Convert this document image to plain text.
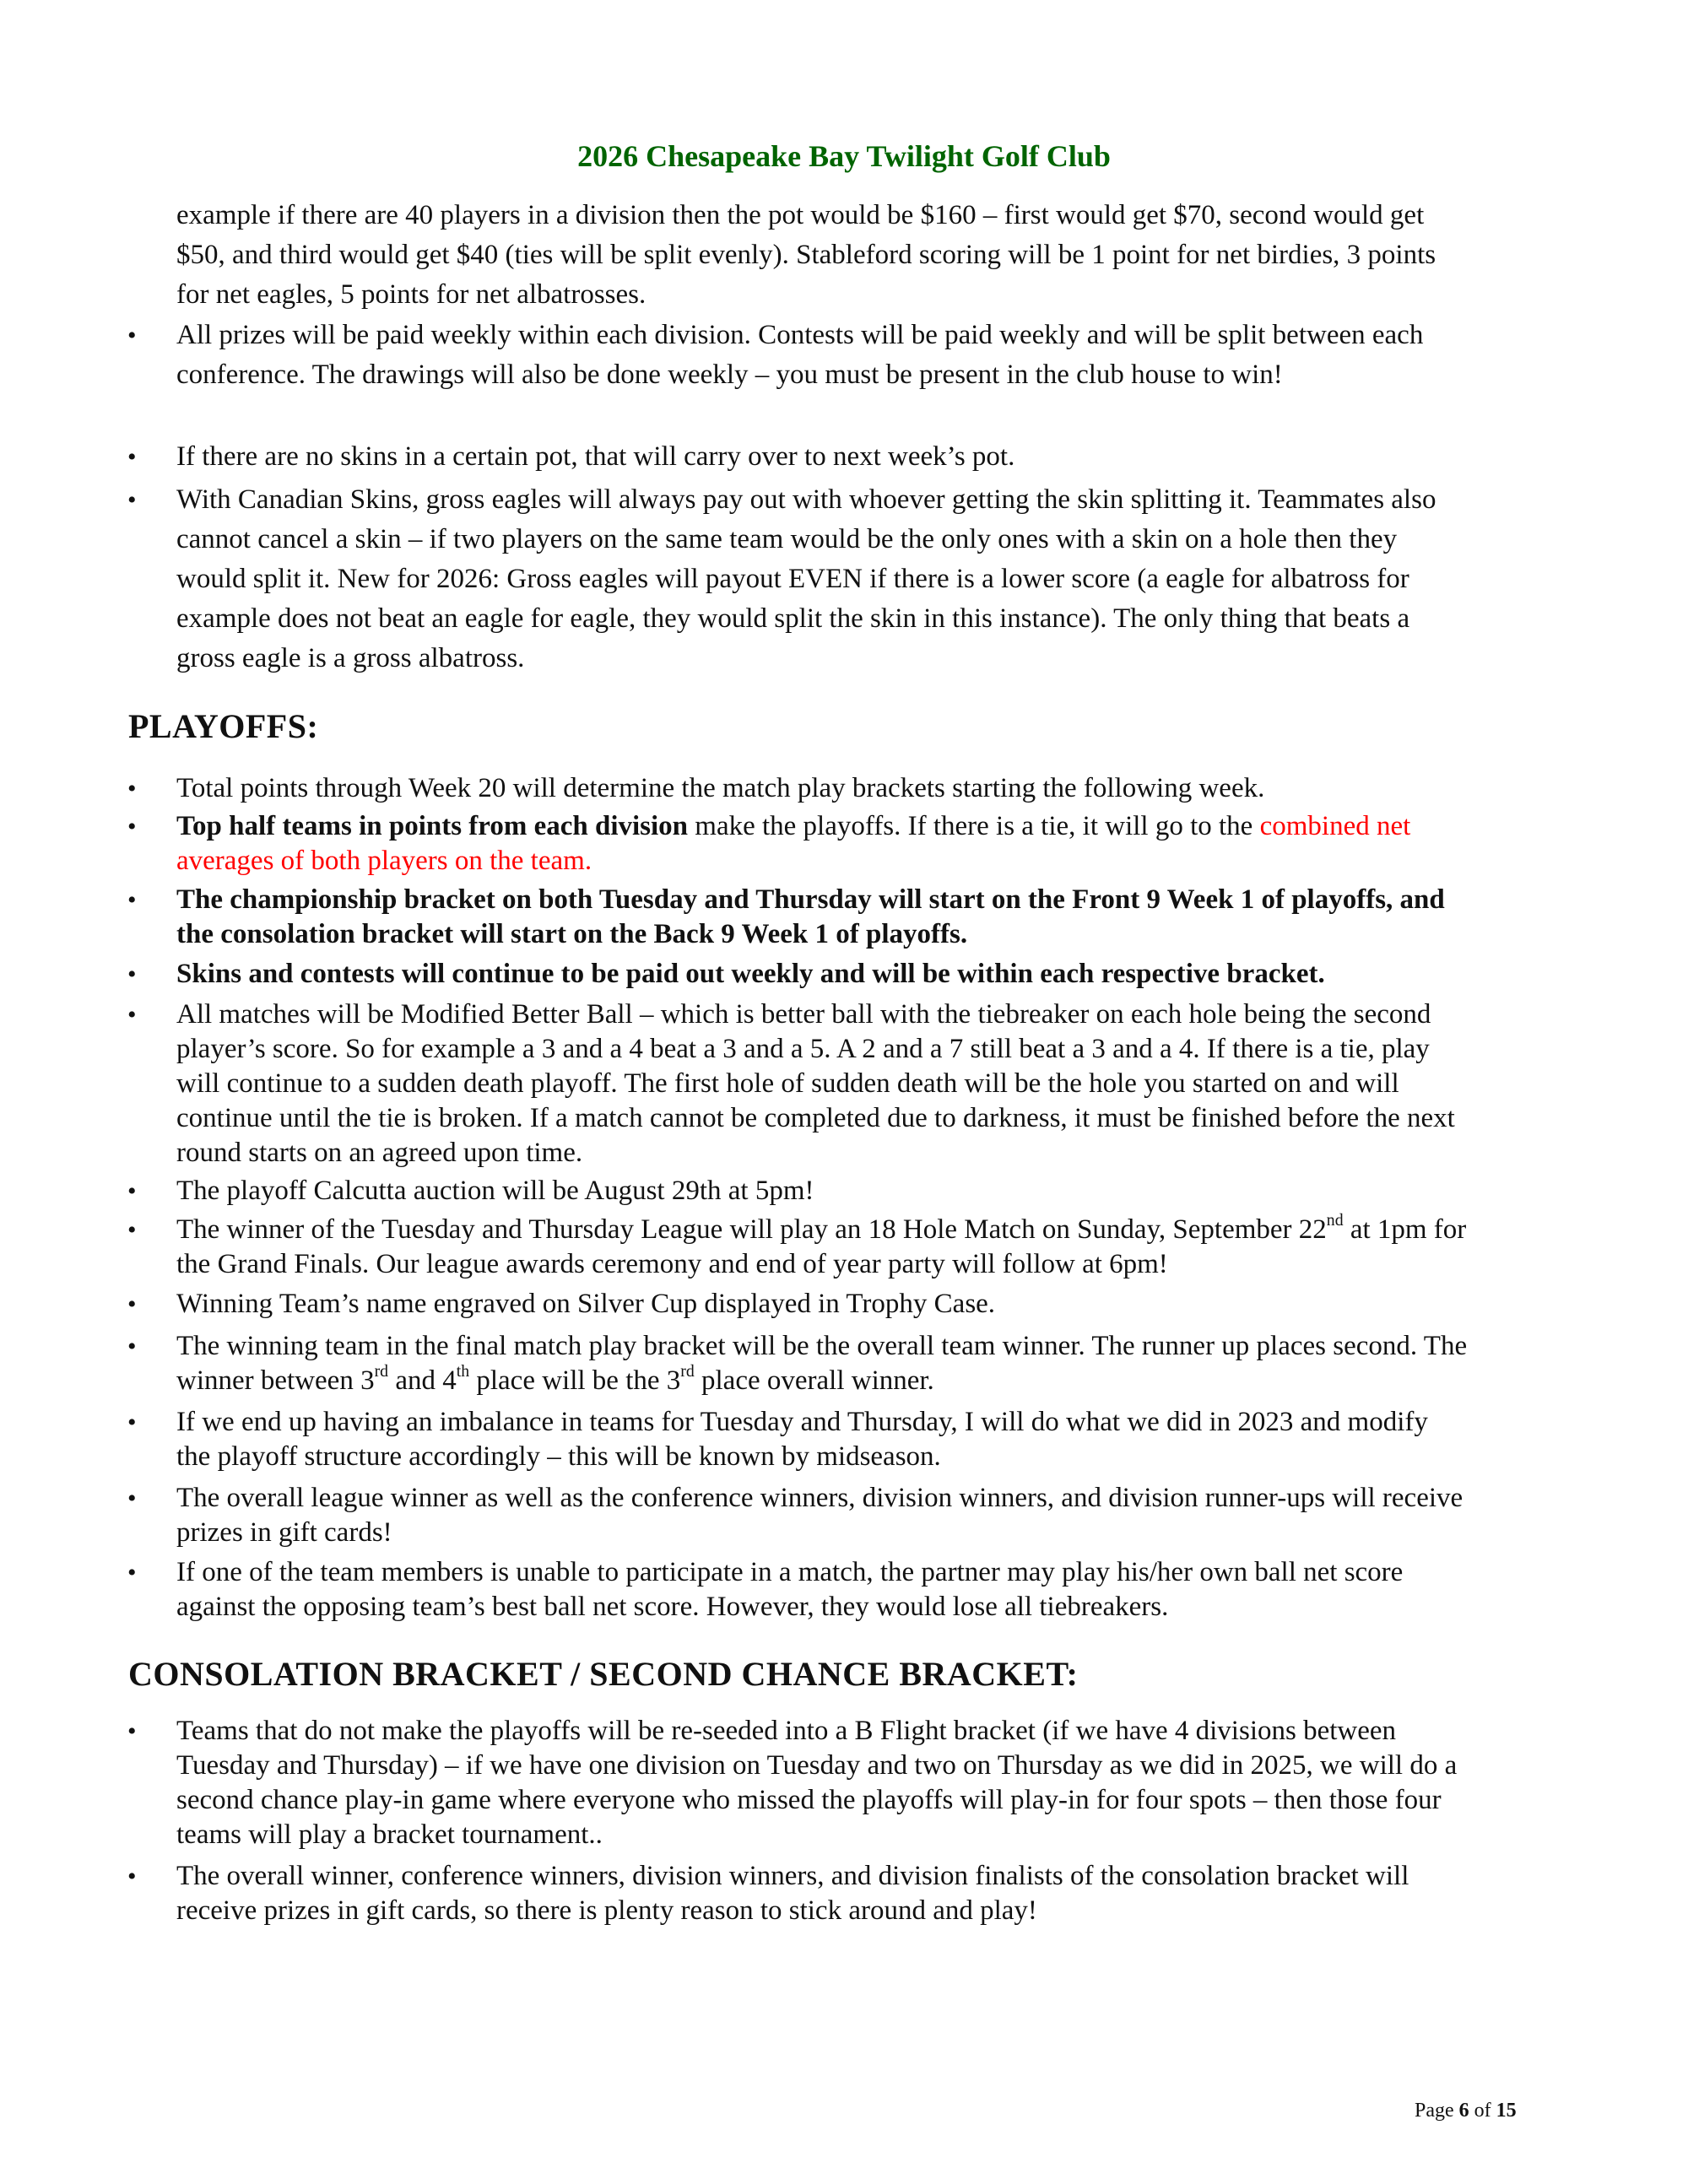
2026 Chesapeake Bay Twilight Golf Club
example if there are 40 players in a division then the pot would be $160 – first would get $70, second would get $50, and third would get $40 (ties will be split evenly). Stableford scoring will be 1 point for net birdies, 3 points for net eagles, 5 points for net albatrosses.
• All prizes will be paid weekly within each division. Contests will be paid weekly and will be split between each conference. The drawings will also be done weekly – you must be present in the club house to win!
• If there are no skins in a certain pot, that will carry over to next week’s pot.
• With Canadian Skins, gross eagles will always pay out with whoever getting the skin splitting it. Teammates also cannot cancel a skin – if two players on the same team would be the only ones with a skin on a hole then they would split it. New for 2026: Gross eagles will payout EVEN if there is a lower score (a eagle for albatross for example does not beat an eagle for eagle, they would split the skin in this instance). The only thing that beats a gross eagle is a gross albatross.
PLAYOFFS:
• Total points through Week 20 will determine the match play brackets starting the following week.
• Top half teams in points from each division make the playoffs. If there is a tie, it will go to the combined net averages of both players on the team.
• The championship bracket on both Tuesday and Thursday will start on the Front 9 Week 1 of playoffs, and the consolation bracket will start on the Back 9 Week 1 of playoffs.
• Skins and contests will continue to be paid out weekly and will be within each respective bracket.
• All matches will be Modified Better Ball – which is better ball with the tiebreaker on each hole being the second player’s score. So for example a 3 and a 4 beat a 3 and a 5. A 2 and a 7 still beat a 3 and a 4. If there is a tie, play will continue to a sudden death playoff. The first hole of sudden death will be the hole you started on and will continue until the tie is broken. If a match cannot be completed due to darkness, it must be finished before the next round starts on an agreed upon time.
• The playoff Calcutta auction will be August 29th at 5pm!
• The winner of the Tuesday and Thursday League will play an 18 Hole Match on Sunday, September 22nd at 1pm for the Grand Finals. Our league awards ceremony and end of year party will follow at 6pm!
• Winning Team’s name engraved on Silver Cup displayed in Trophy Case.
• The winning team in the final match play bracket will be the overall team winner. The runner up places second. The winner between 3rd and 4th place will be the 3rd place overall winner.
• If we end up having an imbalance in teams for Tuesday and Thursday, I will do what we did in 2023 and modify the playoff structure accordingly – this will be known by midseason.
• The overall league winner as well as the conference winners, division winners, and division runner-ups will receive prizes in gift cards!
• If one of the team members is unable to participate in a match, the partner may play his/her own ball net score against the opposing team’s best ball net score. However, they would lose all tiebreakers.
CONSOLATION BRACKET / SECOND CHANCE BRACKET:
• Teams that do not make the playoffs will be re-seeded into a B Flight bracket (if we have 4 divisions between Tuesday and Thursday) – if we have one division on Tuesday and two on Thursday as we did in 2025, we will do a second chance play-in game where everyone who missed the playoffs will play-in for four spots – then those four teams will play a bracket tournament..
• The overall winner, conference winners, division winners, and division finalists of the consolation bracket will receive prizes in gift cards, so there is plenty reason to stick around and play!
Page 6 of 15
